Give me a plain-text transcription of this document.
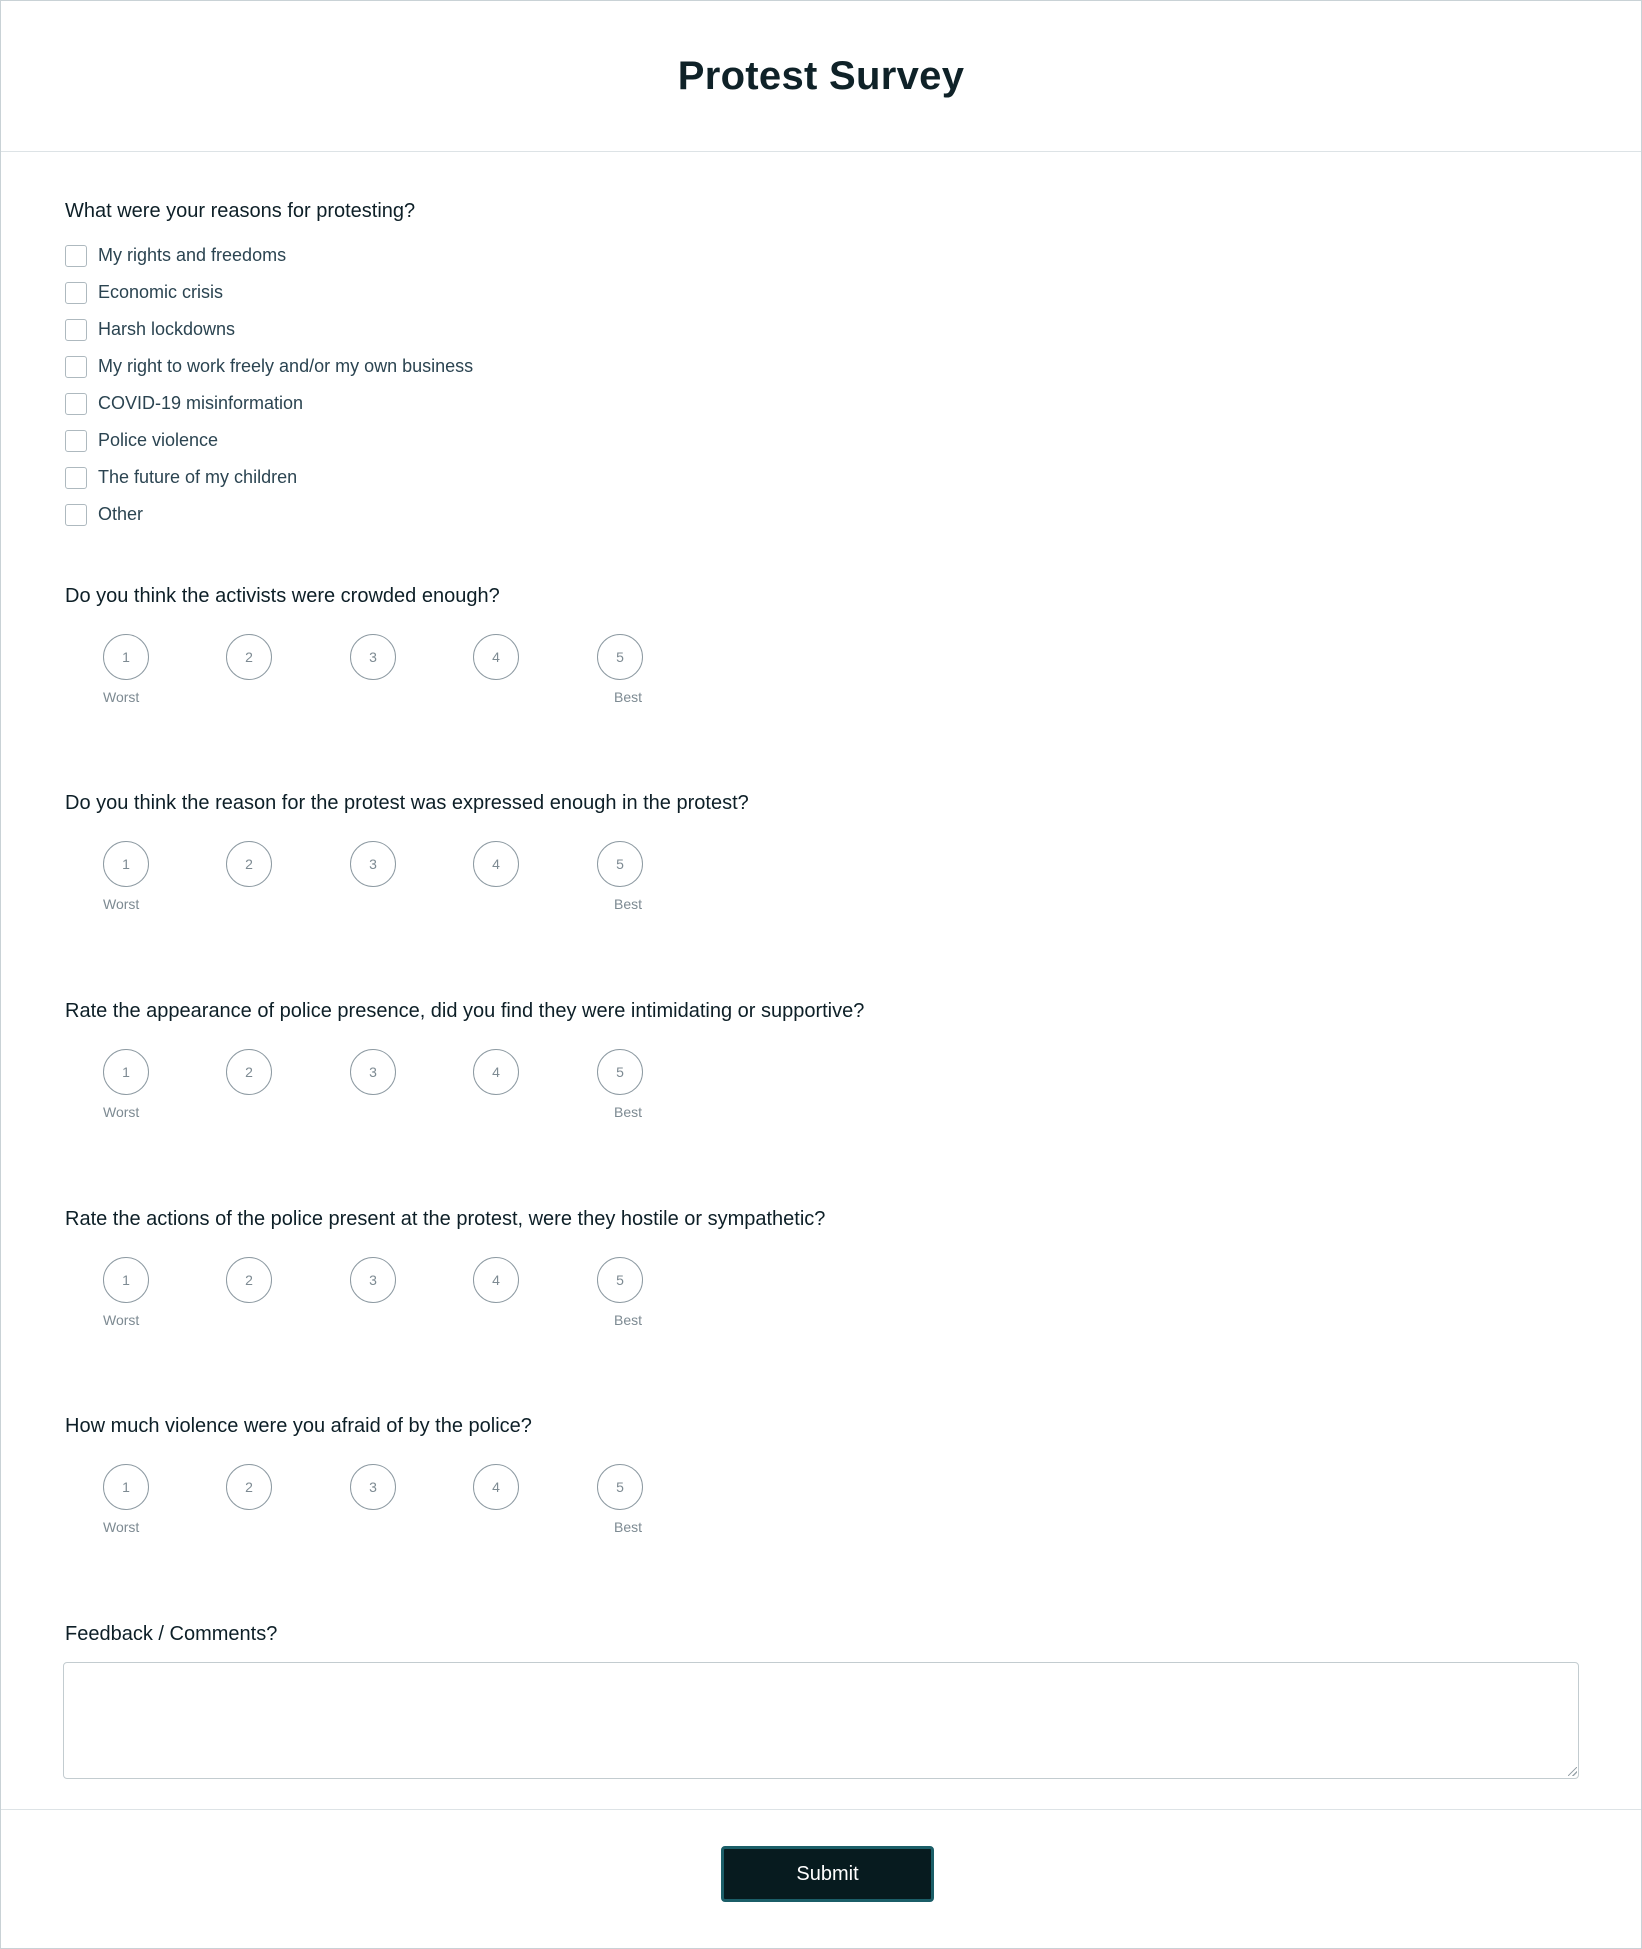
Protest Survey
What were your reasons for protesting?
My rights and freedoms
Economic crisis
Harsh lockdowns
My right to work freely and/or my own business
COVID-19 misinformation
Police violence
The future of my children
Other
Do you think the activists were crowded enough?
1	2	3	4	5
Worst	Best
Do you think the reason for the protest was expressed enough in the protest?
1	2	3	4	5
Worst	Best
Rate the appearance of police presence, did you find they were intimidating or supportive?
1	2	3	4	5
Worst	Best
Rate the actions of the police present at the protest, were they hostile or sympathetic?
1	2	3	4	5
Worst	Best
How much violence were you afraid of by the police?
1	2	3	4	5
Worst	Best
Feedback / Comments?
Submit
